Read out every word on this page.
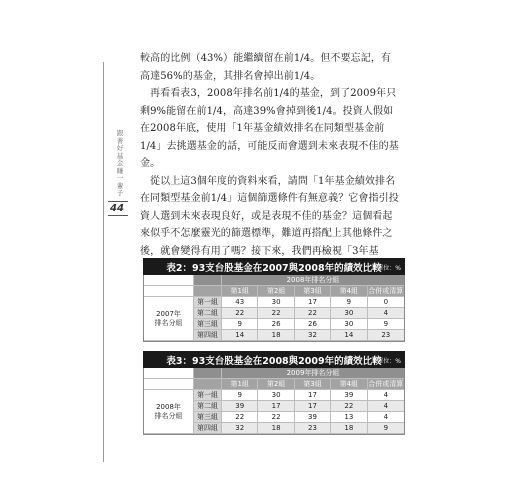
跟著好基金賺一輩子
44

較高的比例（43%）能繼續留在前1/4。但不要忘記，有高達56%的基金，其排名會掉出前1/4。

再看看表3，2008年排名前1/4的基金，到了2009年只剩9%能留在前1/4，高達39%會掉到後1/4。投資人假如在2008年底，使用「1年基金績效排名在同類型基金前1/4」去挑選基金的話，可能反而會選到未來表現不佳的基金。

從以上這3個年度的資料來看，請問「1年基金績效排名在同類型基金前1/4」這個篩選條件有無意義？它會指引投資人選到未來表現良好，或是表現不佳的基金？這個看起來似乎不怎麼靈光的篩選標準，難道再搭配上其他條件之後，就會變得有用了嗎？接下來，我們再檢視「3年基

表2：93支台股基金在2007與2008年的績效比較
單位：%
2008年排名分組
第1組	第2組	第3組	第4組	合併或清算
2007年
排名分組
第一組	43	30	17	9	0
第二組	22	22	22	30	4
第三組	9	26	26	30	9
第四組	14	18	32	14	23
表3：93支台股基金在2008與2009年的績效比較
單位：%
2009年排名分組
第1組	第2組	第3組	第4組	合併或清算
2008年
排名分組
第一組	9	30	17	39	4
第二組	39	17	17	22	4
第三組	22	22	39	13	4
第四組	32	18	23	18	9
